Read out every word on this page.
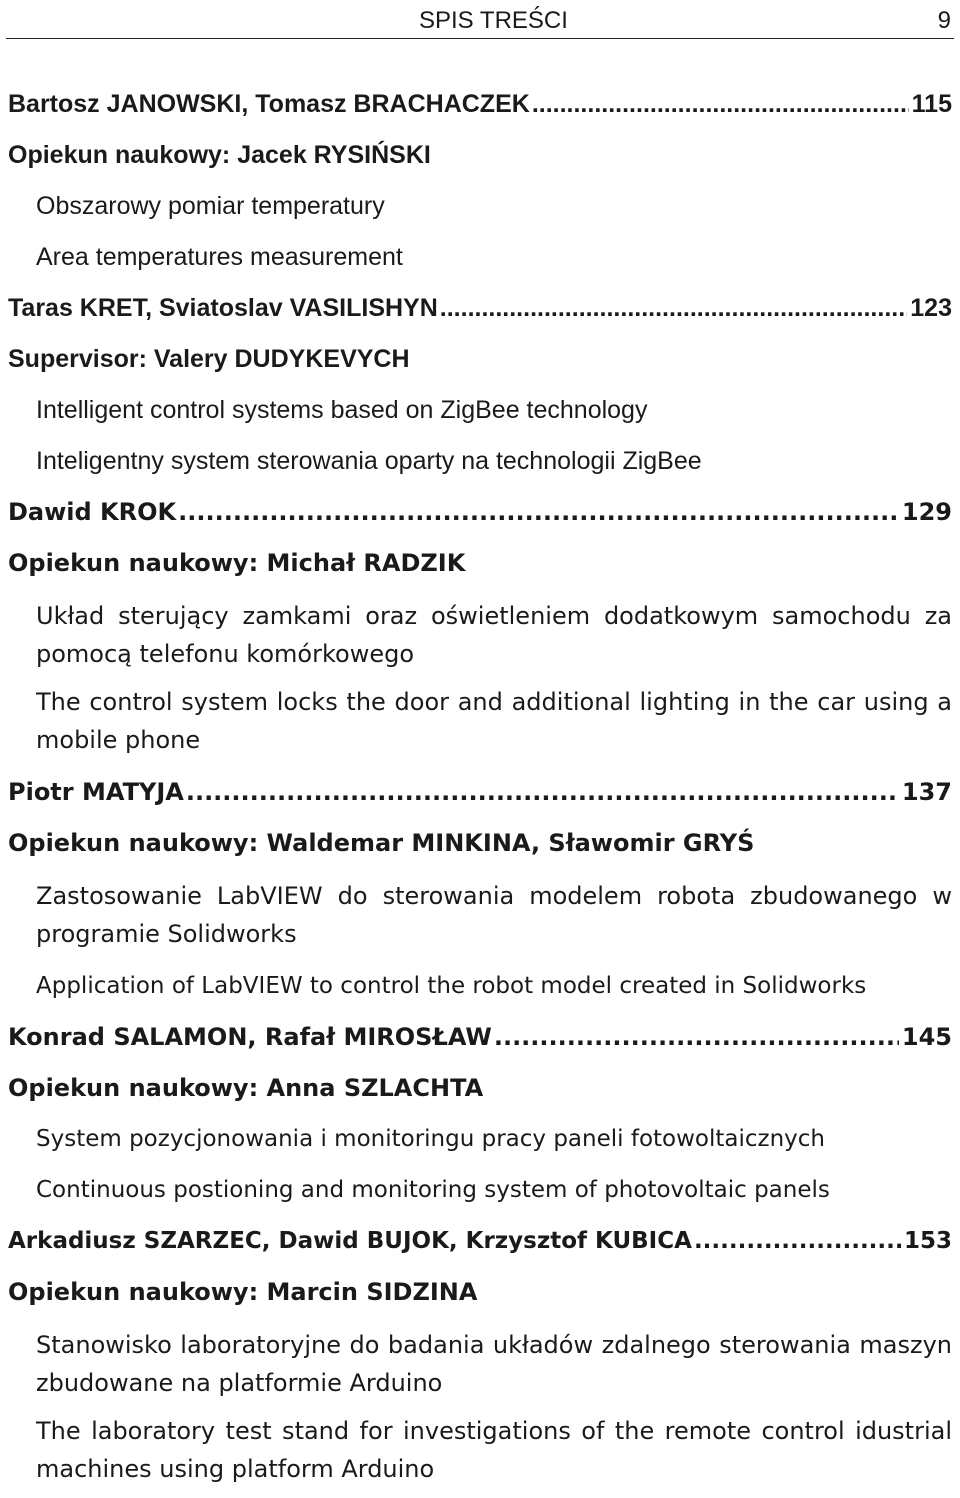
SPIS TREŚCI	9
Bartosz JANOWSKI, Tomasz BRACHACZEK .....	115
Opiekun naukowy: Jacek RYSIŃSKI
Obszarowy pomiar temperatury
Area temperatures measurement
Taras KRET, Sviatoslav VASILISHYN .....	123
Supervisor: Valery DUDYKEVYCH
Intelligent control systems based on ZigBee technology
Inteligentny system sterowania oparty na technologii ZigBee
Dawid KROK .....	129
Opiekun naukowy: Michał RADZIK
Układ sterujący zamkami oraz oświetleniem dodatkowym samochodu za pomocą telefonu komórkowego
The control system locks the door and additional lighting in the car using a mobile phone
Piotr MATYJA .....	137
Opiekun naukowy: Waldemar MINKINA, Sławomir GRYŚ
Zastosowanie LabVIEW do sterowania modelem robota zbudowanego w programie Solidworks
Application of LabVIEW to control the robot model created in Solidworks
Konrad SALAMON, Rafał MIROSŁAW .....	145
Opiekun naukowy: Anna SZLACHTA
System pozycjonowania i monitoringu pracy paneli fotowoltaicznych
Continuous postioning and monitoring system of photovoltaic panels
Arkadiusz SZARZEC, Dawid BUJOK, Krzysztof KUBICA .....	153
Opiekun naukowy: Marcin SIDZINA
Stanowisko laboratoryjne do badania układów zdalnego sterowania maszyn zbudowane na platformie Arduino
The laboratory test stand for investigations of the remote control idustrial machines using platform Arduino
